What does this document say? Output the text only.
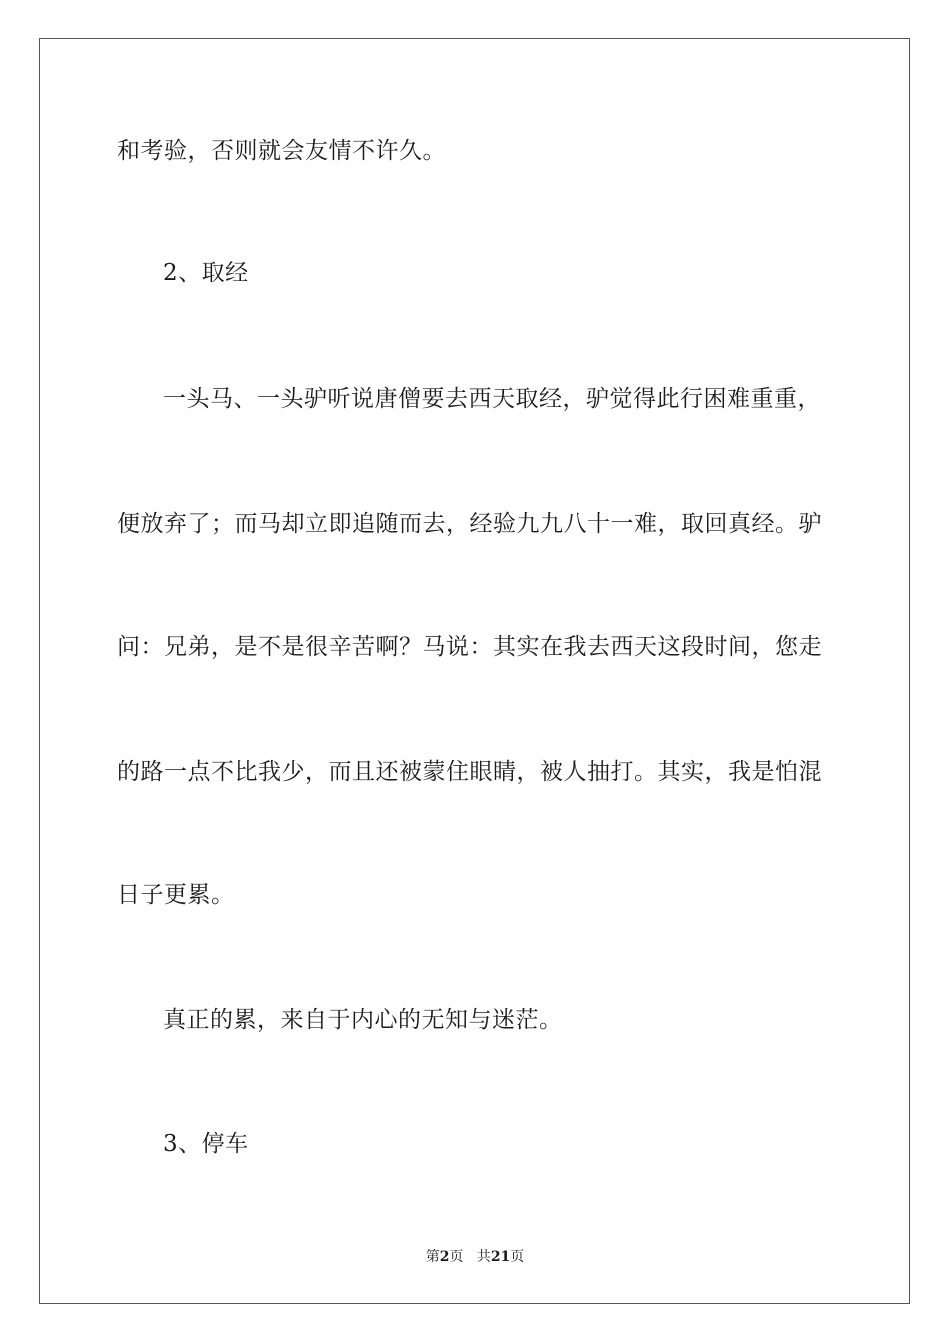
和考验，否则就会友情不许久。
2、取经
一头马、一头驴听说唐僧要去西天取经，驴觉得此行困难重重，
便放弃了；而马却立即追随而去，经验九九八十一难，取回真经。驴
问：兄弟，是不是很辛苦啊？马说：其实在我去西天这段时间，您走
的路一点不比我少，而且还被蒙住眼睛，被人抽打。其实，我是怕混
日子更累。
真正的累，来自于内心的无知与迷茫。
3、停车
第2页 共21页
